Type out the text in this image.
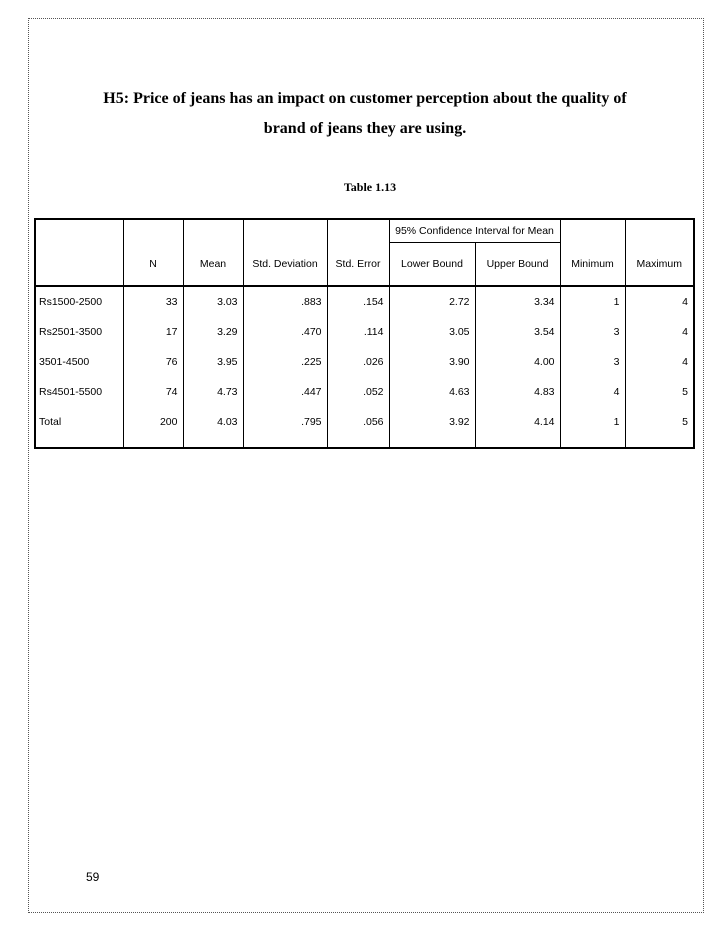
H5: Price of jeans has an impact on customer perception about the quality of
brand of jeans they are using.
Table 1.13
					95% Confidence Interval for Mean			
	N	Mean	Std. Deviation	Std. Error	Lower Bound	Upper Bound	Minimum	Maximum
Rs1500-2500	33	3.03	.883	.154	2.72	3.34	1	4
Rs2501-3500	17	3.29	.470	.114	3.05	3.54	3	4
3501-4500	76	3.95	.225	.026	3.90	4.00	3	4
Rs4501-5500	74	4.73	.447	.052	4.63	4.83	4	5
Total	200	4.03	.795	.056	3.92	4.14	1	5
59
